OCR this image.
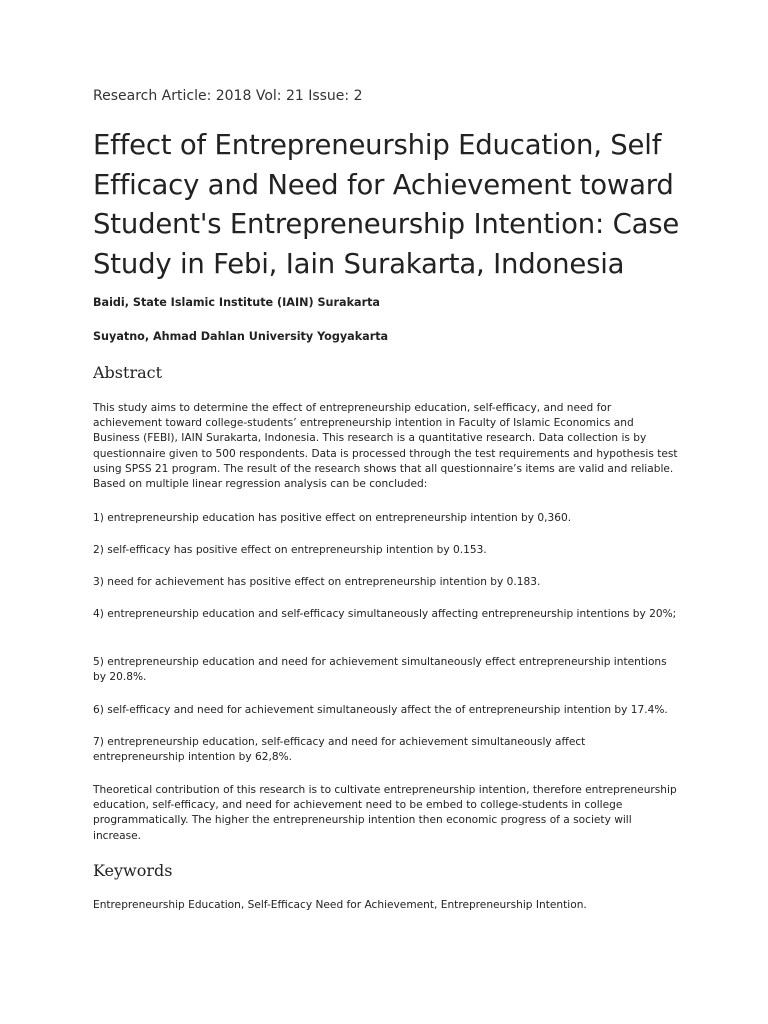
Research Article: 2018 Vol: 21 Issue: 2
Effect of Entrepreneurship Education, Self Efficacy and Need for Achievement toward Student's Entrepreneurship Intention: Case Study in Febi, Iain Surakarta, Indonesia

Baidi, State Islamic Institute (IAIN) Surakarta

Suyatno, Ahmad Dahlan University Yogyakarta

Abstract

This study aims to determine the effect of entrepreneurship education, self-efficacy, and need for achievement toward college-students’ entrepreneurship intention in Faculty of Islamic Economics and Business (FEBI), IAIN Surakarta, Indonesia. This research is a quantitative research. Data collection is by questionnaire given to 500 respondents. Data is processed through the test requirements and hypothesis test using SPSS 21 program. The result of the research shows that all questionnaire’s items are valid and reliable. Based on multiple linear regression analysis can be concluded:

1) entrepreneurship education has positive effect on entrepreneurship intention by 0,360.

2) self-efficacy has positive effect on entrepreneurship intention by 0.153.

3) need for achievement has positive effect on entrepreneurship intention by 0.183.

4) entrepreneurship education and self-efficacy simultaneously affecting entrepreneurship intentions by 20%;

5) entrepreneurship education and need for achievement simultaneously effect entrepreneurship intentions by 20.8%.

6) self-efficacy and need for achievement simultaneously affect the of entrepreneurship intention by 17.4%.

7) entrepreneurship education, self-efficacy and need for achievement simultaneously affect entrepreneurship intention by 62,8%.

Theoretical contribution of this research is to cultivate entrepreneurship intention, therefore entrepreneurship education, self-efficacy, and need for achievement need to be embed to college-students in college programmatically. The higher the entrepreneurship intention then economic progress of a society will increase.

Keywords

Entrepreneurship Education, Self-Efficacy Need for Achievement, Entrepreneurship Intention.
